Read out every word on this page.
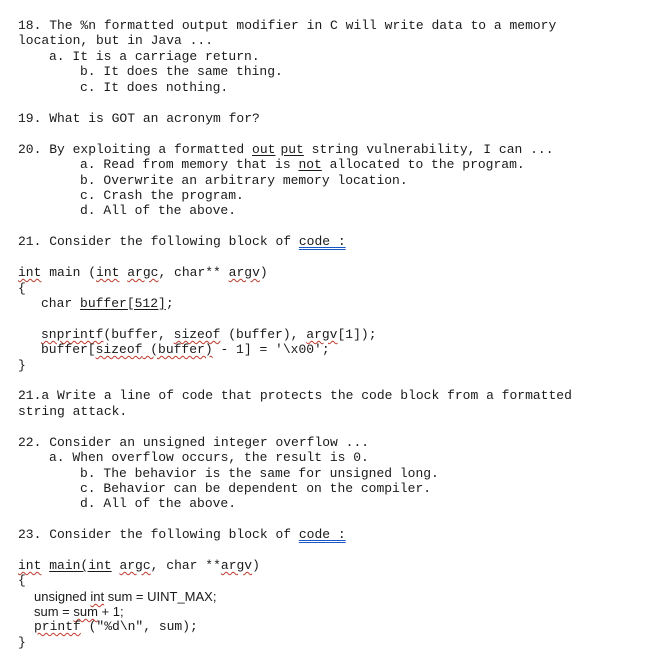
18. The %n formatted output modifier in C will write data to a memory
location, but in Java ...
a. It is a carriage return.
b. It does the same thing.
c. It does nothing.
19. What is GOT an acronym for?
20. By exploiting a formatted out put string vulnerability, I can ...
a. Read from memory that is not allocated to the program.
b. Overwrite an arbitrary memory location.
c. Crash the program.
d. All of the above.
21. Consider the following block of code :
int main (int argc, char** argv)
{
char buffer[512];
snprintf(buffer, sizeof (buffer), argv[1]);
buffer[sizeof (buffer) - 1] = '\x00';
}
21.a Write a line of code that protects the code block from a formatted
string attack.
22. Consider an unsigned integer overflow ...
a. When overflow occurs, the result is 0.
b. The behavior is the same for unsigned long.
c. Behavior can be dependent on the compiler.
d. All of the above.
23. Consider the following block of code :
int main(int argc, char **argv)
{
unsigned int sum = UINT_MAX;
sum = sum + 1;
printf ("%d\n", sum);
}
